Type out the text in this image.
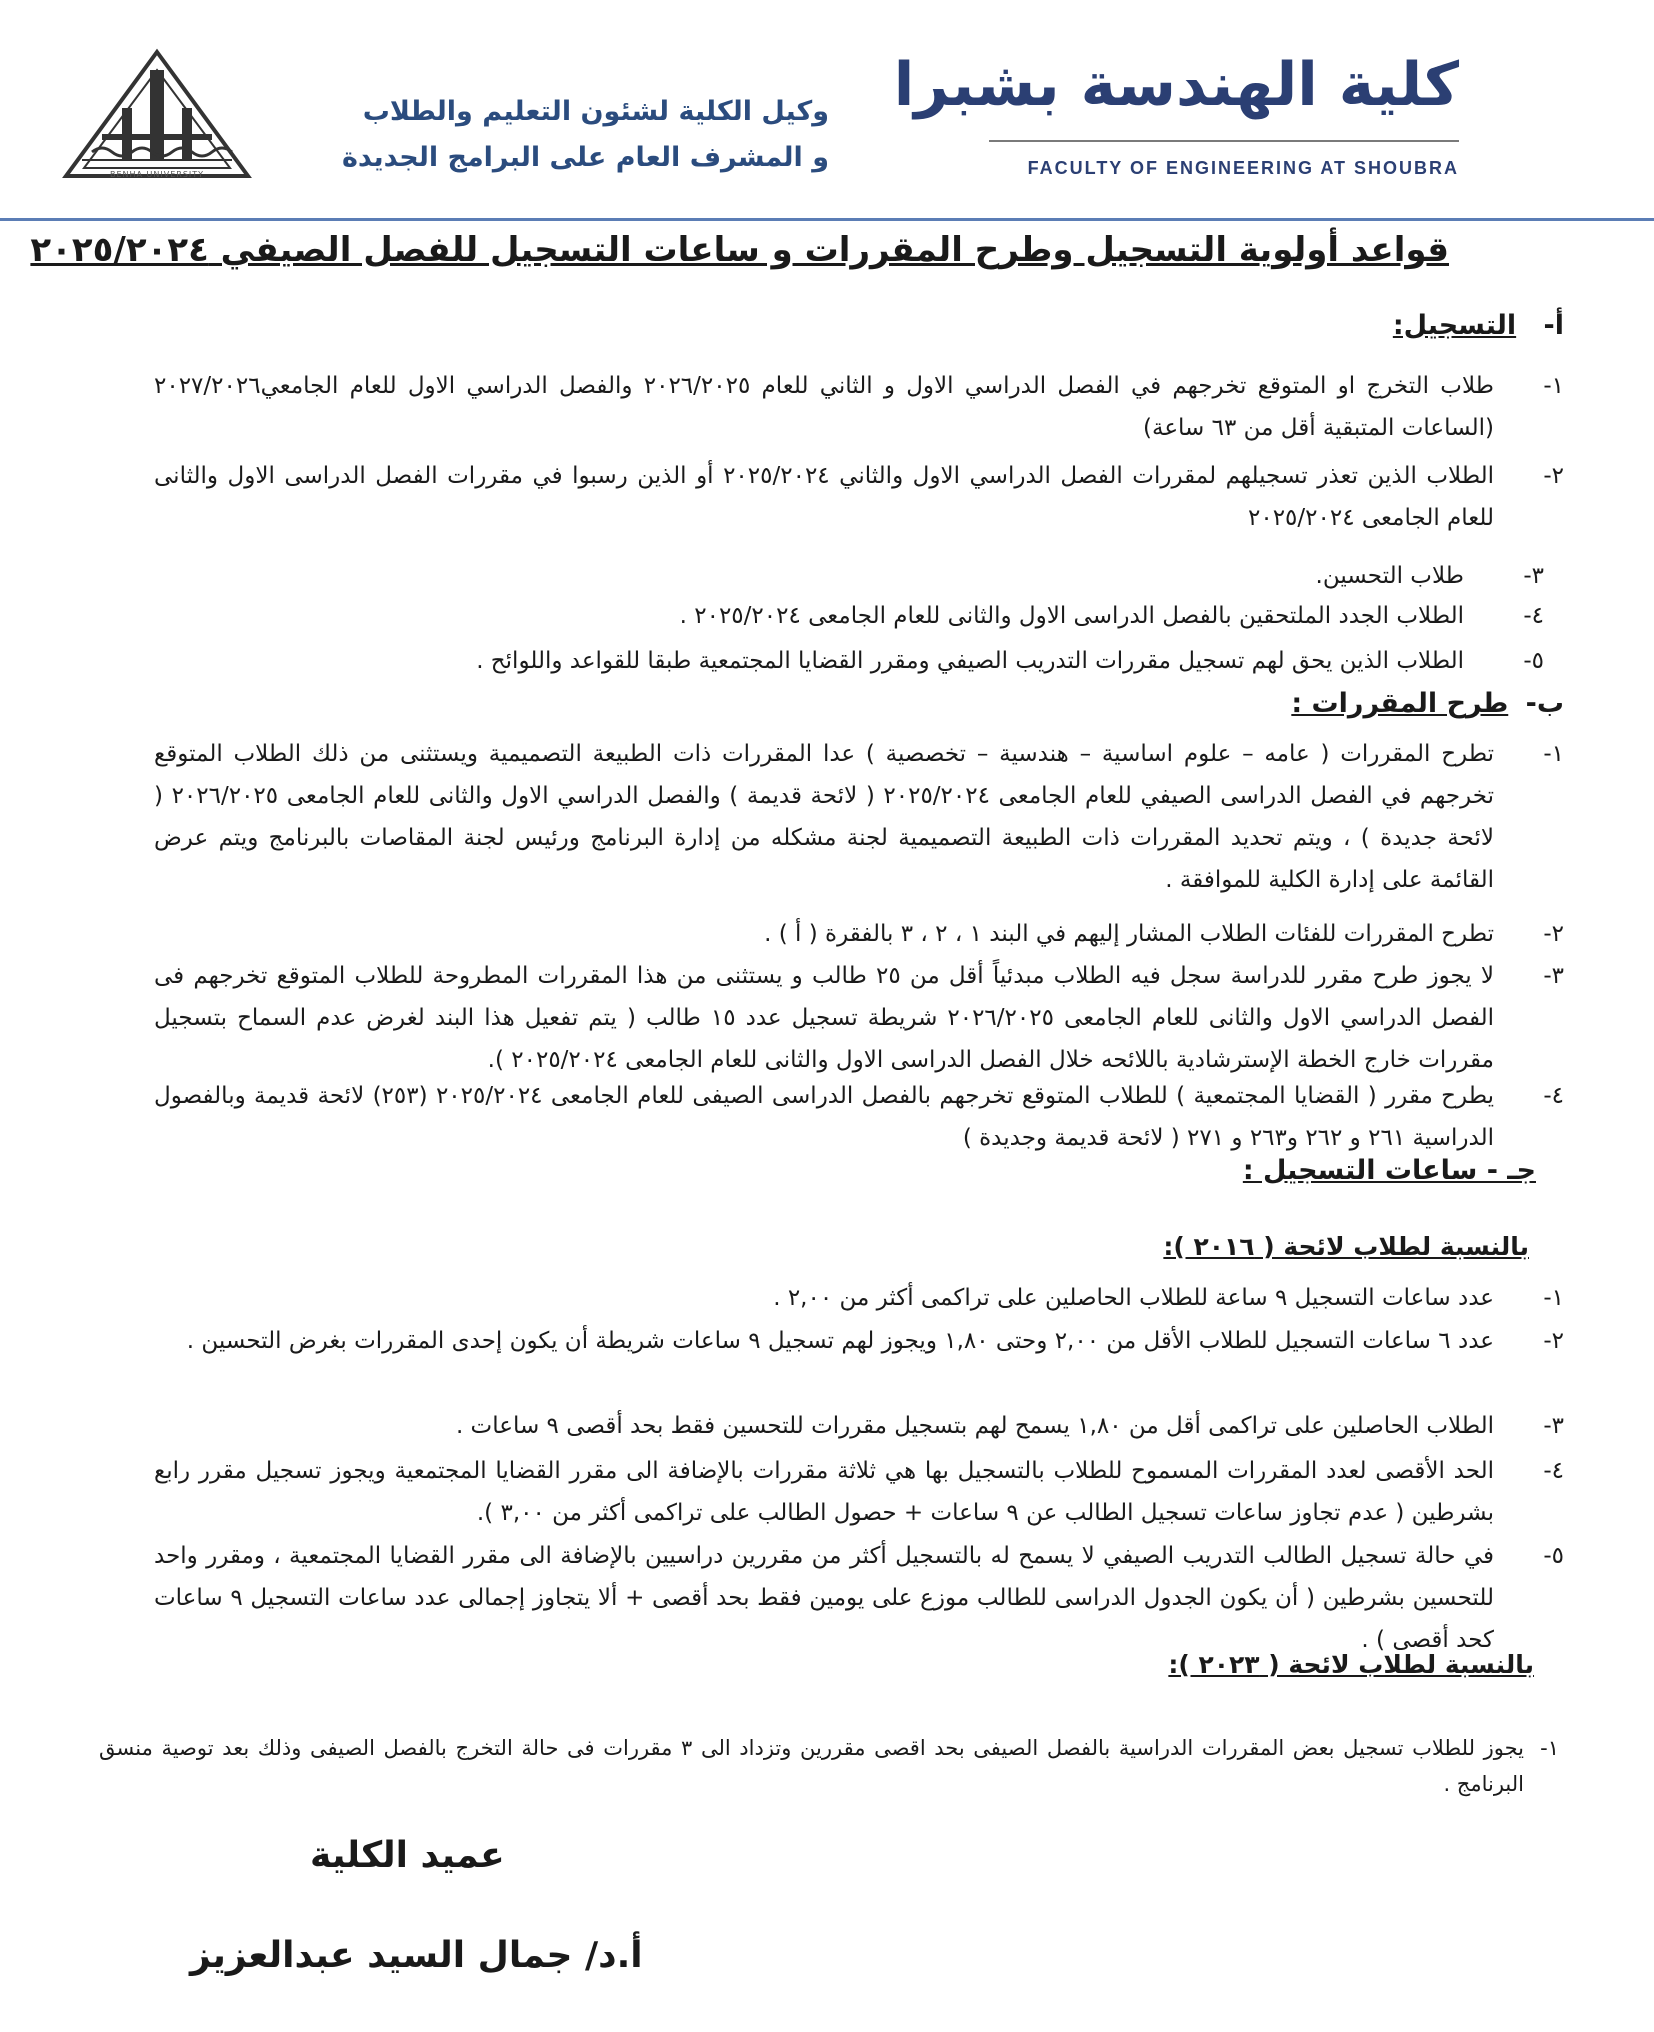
كلية الهندسة بشبرا
FACULTY OF ENGINEERING AT SHOUBRA
وكيل الكلية لشئون التعليم والطلاب
و المشرف العام على البرامج الجديدة
BENHA UNIVERSITY
قواعد أولوية التسجيل وطرح المقررات و ساعات التسجيل للفصل الصيفي ٢٠٢٥/٢٠٢٤
أ- التسجيل:
١-
طلاب التخرج او المتوقع تخرجهم في الفصل الدراسي الاول و الثاني للعام ٢٠٢٦/٢٠٢٥ والفصل الدراسي الاول للعام الجامعي٢٠٢٧/٢٠٢٦ (الساعات المتبقية أقل من ٦٣ ساعة)
٢-
الطلاب الذين تعذر تسجيلهم لمقررات الفصل الدراسي الاول والثاني ٢٠٢٥/٢٠٢٤ أو الذين رسبوا في مقررات الفصل الدراسى الاول والثانى للعام الجامعى ٢٠٢٥/٢٠٢٤
٣-
طلاب التحسين.
٤-
الطلاب الجدد الملتحقين بالفصل الدراسى الاول والثانى للعام الجامعى ٢٠٢٥/٢٠٢٤ .
٥-
الطلاب الذين يحق لهم تسجيل مقررات التدريب الصيفي ومقرر القضايا المجتمعية طبقا للقواعد واللوائح .
ب- طرح المقررات :
١-
تطرح المقررات ( عامه – علوم اساسية – هندسية – تخصصية ) عدا المقررات ذات الطبيعة التصميمية ويستثنى من ذلك الطلاب المتوقع تخرجهم في الفصل الدراسى الصيفي للعام الجامعى ٢٠٢٥/٢٠٢٤ ( لائحة قديمة ) والفصل الدراسي الاول والثانى للعام الجامعى ٢٠٢٦/٢٠٢٥ ( لائحة جديدة ) ، ويتم تحديد المقررات ذات الطبيعة التصميمية لجنة مشكله من إدارة البرنامج ورئيس لجنة المقاصات بالبرنامج ويتم عرض القائمة على إدارة الكلية للموافقة .
٢-
تطرح المقررات للفئات الطلاب المشار إليهم في البند ١ ، ٢ ، ٣ بالفقرة ( أ ) .
٣-
لا يجوز طرح مقرر للدراسة سجل فيه الطلاب مبدئياً أقل من ٢٥ طالب و يستثنى من هذا المقررات المطروحة للطلاب المتوقع تخرجهم فى الفصل الدراسي الاول والثانى للعام الجامعى ٢٠٢٦/٢٠٢٥ شريطة تسجيل عدد ١٥ طالب ( يتم تفعيل هذا البند لغرض عدم السماح بتسجيل مقررات خارج الخطة الإسترشادية باللائحه خلال الفصل الدراسى الاول والثانى للعام الجامعى ٢٠٢٥/٢٠٢٤ ).
٤-
يطرح مقرر ( القضايا المجتمعية ) للطلاب المتوقع تخرجهم بالفصل الدراسى الصيفى للعام الجامعى ٢٠٢٥/٢٠٢٤ (٢٥٣) لائحة قديمة وبالفصول الدراسية ٢٦١ و ٢٦٢ و٢٦٣ و ٢٧١ ( لائحة قديمة وجديدة )
جـ - ساعات التسجيل :
بالنسبة لطلاب لائحة ( ٢٠١٦ ):
١-
عدد ساعات التسجيل ٩ ساعة للطلاب الحاصلين على تراكمى أكثر من ٢,٠٠ .
٢-
عدد ٦ ساعات التسجيل للطلاب الأقل من ٢,٠٠ وحتى ١,٨٠ ويجوز لهم تسجيل ٩ ساعات شريطة أن يكون إحدى المقررات بغرض التحسين .
٣-
الطلاب الحاصلين على تراكمى أقل من ١,٨٠ يسمح لهم بتسجيل مقررات للتحسين فقط بحد أقصى ٩ ساعات .
٤-
الحد الأقصى لعدد المقررات المسموح للطلاب بالتسجيل بها هي ثلاثة مقررات بالإضافة الى مقرر القضايا المجتمعية ويجوز تسجيل مقرر رابع بشرطين ( عدم تجاوز ساعات تسجيل الطالب عن ٩ ساعات + حصول الطالب على تراكمى أكثر من ٣,٠٠ ).
٥-
في حالة تسجيل الطالب التدريب الصيفي لا يسمح له بالتسجيل أكثر من مقررين دراسيين بالإضافة الى مقرر القضايا المجتمعية ، ومقرر واحد للتحسين بشرطين ( أن يكون الجدول الدراسى للطالب موزع على يومين فقط بحد أقصى + ألا يتجاوز إجمالى عدد ساعات التسجيل ٩ ساعات كحد أقصى ) .
بالنسبة لطلاب لائحة ( ٢٠٢٣ ):
١-
يجوز للطلاب تسجيل بعض المقررات الدراسية بالفصل الصيفى بحد اقصى مقررين وتزداد الى ٣ مقررات فى حالة التخرج بالفصل الصيفى وذلك بعد توصية منسق البرنامج .
عميد الكلية
أ.د/ جمال السيد عبدالعزيز
